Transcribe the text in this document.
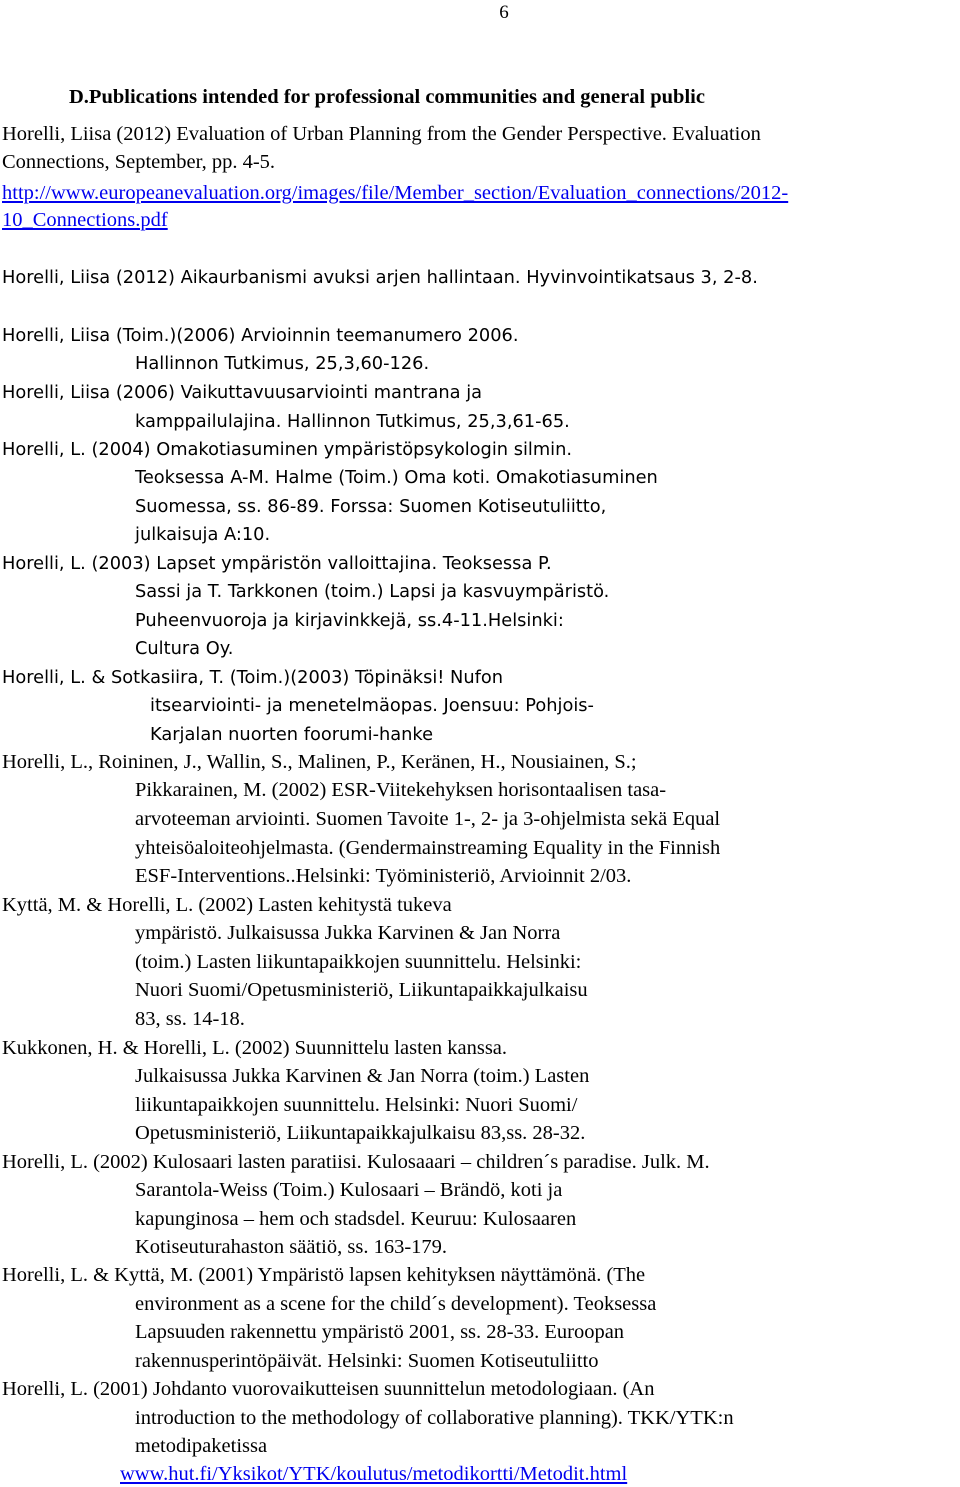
6
D.Publications intended for professional communities and general public
Horelli, Liisa (2012) Evaluation of Urban Planning from the Gender Perspective. Evaluation
Connections, September, pp. 4-5.
http://www.europeanevaluation.org/images/file/Member_section/Evaluation_connections/2012-
10_Connections.pdf
Horelli, Liisa (2012) Aikaurbanismi avuksi arjen hallintaan. Hyvinvointikatsaus 3, 2-8.
Horelli, Liisa (Toim.)(2006) Arvioinnin teemanumero 2006.
Hallinnon Tutkimus, 25,3,60-126.
Horelli, Liisa (2006) Vaikuttavuusarviointi mantrana ja
kamppailulajina. Hallinnon Tutkimus, 25,3,61-65.
Horelli, L. (2004) Omakotiasuminen ympäristöpsykologin silmin.
Teoksessa A-M. Halme (Toim.) Oma koti. Omakotiasuminen
Suomessa, ss. 86-89. Forssa: Suomen Kotiseutuliitto,
julkaisuja A:10.
Horelli, L. (2003) Lapset ympäristön valloittajina. Teoksessa P.
Sassi ja T. Tarkkonen (toim.) Lapsi ja kasvuympäristö.
Puheenvuoroja ja kirjavinkkejä, ss.4-11.Helsinki:
Cultura Oy.
Horelli, L. & Sotkasiira, T. (Toim.)(2003) Töpinäksi! Nufon
itsearviointi- ja menetelmäopas. Joensuu: Pohjois-
Karjalan nuorten foorumi-hanke
Horelli, L., Roininen, J., Wallin, S., Malinen, P., Keränen, H., Nousiainen, S.;
Pikkarainen, M. (2002) ESR-Viitekehyksen horisontaalisen tasa-
arvoteeman arviointi. Suomen Tavoite 1-, 2- ja 3-ohjelmista sekä Equal
yhteisöaloiteohjelmasta. (Gendermainstreaming Equality in the Finnish
ESF-Interventions..Helsinki: Työministeriö, Arvioinnit 2/03.
Kyttä, M. & Horelli, L. (2002) Lasten kehitystä tukeva
ympäristö. Julkaisussa Jukka Karvinen & Jan Norra
(toim.) Lasten liikuntapaikkojen suunnittelu. Helsinki:
Nuori Suomi/Opetusministeriö, Liikuntapaikkajulkaisu
83, ss. 14-18.
Kukkonen, H. & Horelli, L. (2002) Suunnittelu lasten kanssa.
Julkaisussa Jukka Karvinen & Jan Norra (toim.) Lasten
liikuntapaikkojen suunnittelu. Helsinki: Nuori Suomi/
Opetusministeriö, Liikuntapaikkajulkaisu 83,ss. 28-32.
Horelli, L. (2002) Kulosaari lasten paratiisi. Kulosaaari – children´s paradise. Julk. M.
Sarantola-Weiss (Toim.) Kulosaari – Brändö, koti ja
kapunginosa – hem och stadsdel. Keuruu: Kulosaaren
Kotiseuturahaston säätiö, ss. 163-179.
Horelli, L. & Kyttä, M. (2001) Ympäristö lapsen kehityksen näyttämönä. (The
environment as a scene for the child´s development). Teoksessa
Lapsuuden rakennettu ympäristö 2001, ss. 28-33. Euroopan
rakennusperintöpäivät. Helsinki: Suomen Kotiseutuliitto
Horelli, L. (2001) Johdanto vuorovaikutteisen suunnittelun metodologiaan. (An
introduction to the methodology of collaborative planning). TKK/YTK:n
metodipaketissa
www.hut.fi/Yksikot/YTK/koulutus/metodikortti/Metodit.html
